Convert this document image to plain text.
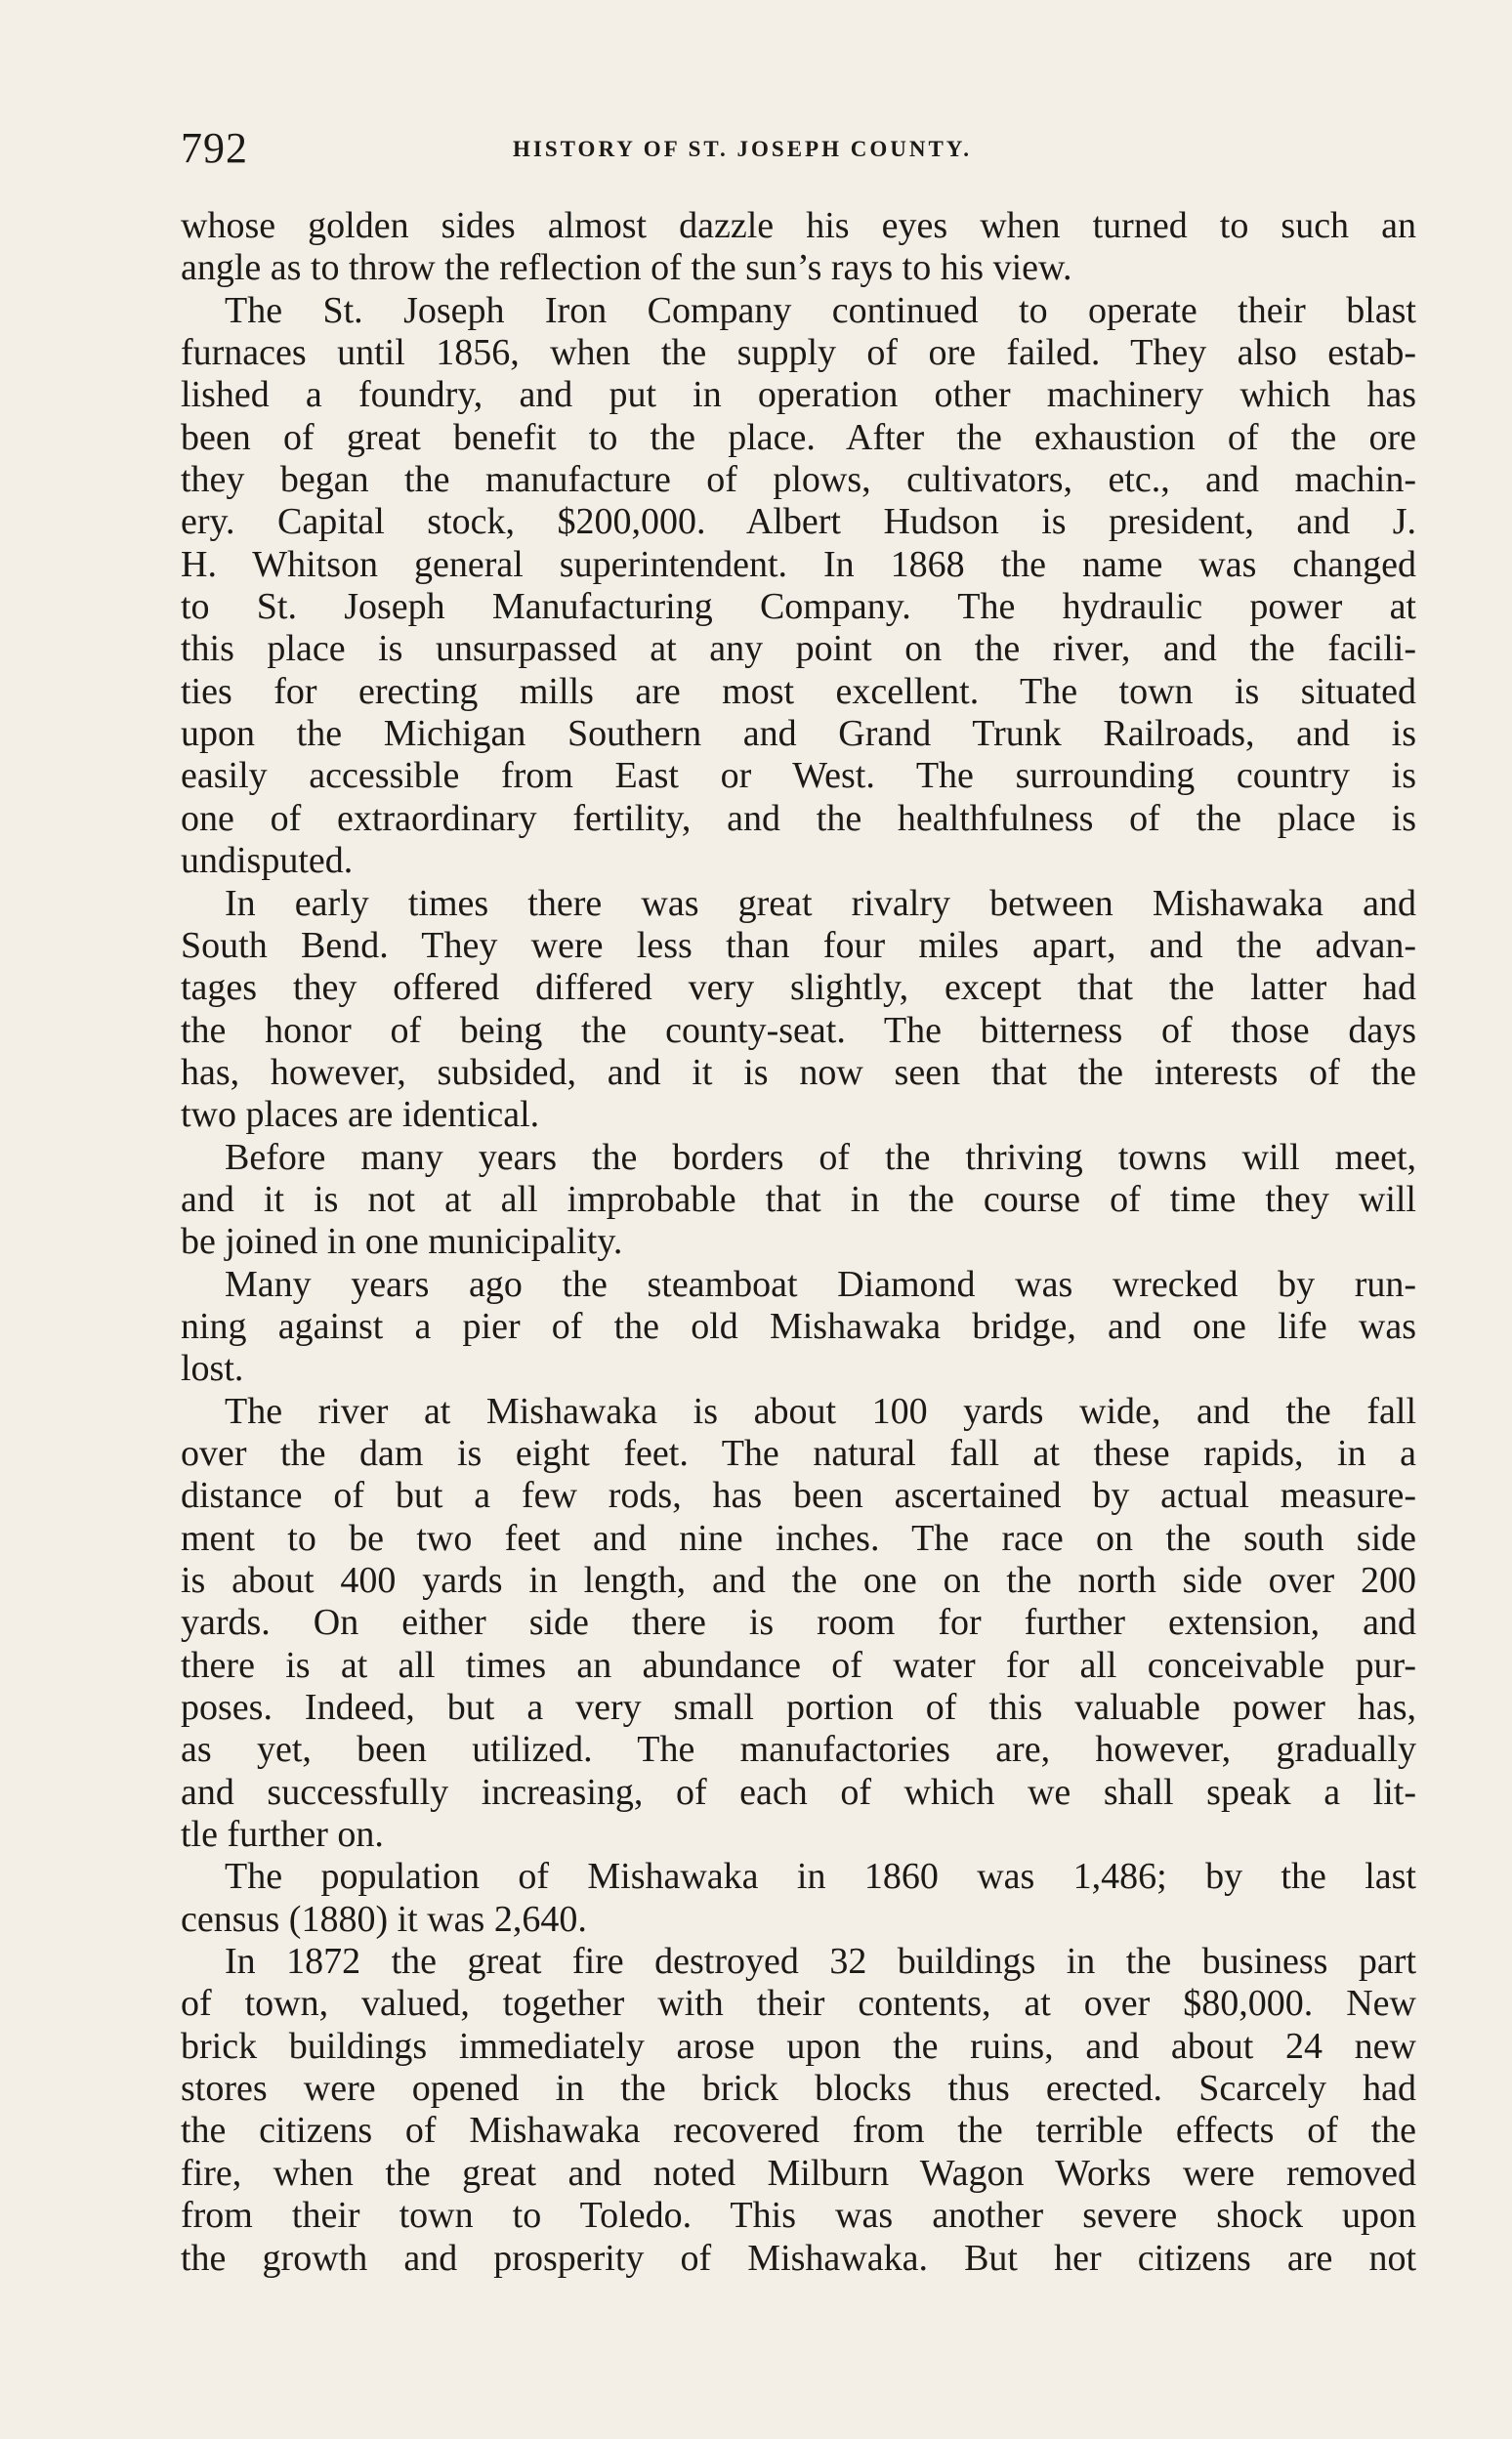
792	HISTORY OF ST. JOSEPH COUNTY.
whose golden sides almost dazzle his eyes when turned to such an
angle as to throw the reflection of the sun’s rays to his view.
The St. Joseph Iron Company continued to operate their blast
furnaces until 1856, when the supply of ore failed. They also estab-
lished a foundry, and put in operation other machinery which has
been of great benefit to the place. After the exhaustion of the ore
they began the manufacture of plows, cultivators, etc., and machin-
ery. Capital stock, $200,000. Albert Hudson is president, and J.
H. Whitson general superintendent. In 1868 the name was changed
to St. Joseph Manufacturing Company. The hydraulic power at
this place is unsurpassed at any point on the river, and the facili-
ties for erecting mills are most excellent. The town is situated
upon the Michigan Southern and Grand Trunk Railroads, and is
easily accessible from East or West. The surrounding country is
one of extraordinary fertility, and the healthfulness of the place is
undisputed.
In early times there was great rivalry between Mishawaka and
South Bend. They were less than four miles apart, and the advan-
tages they offered differed very slightly, except that the latter had
the honor of being the county-seat. The bitterness of those days
has, however, subsided, and it is now seen that the interests of the
two places are identical.
Before many years the borders of the thriving towns will meet,
and it is not at all improbable that in the course of time they will
be joined in one municipality.
Many years ago the steamboat Diamond was wrecked by run-
ning against a pier of the old Mishawaka bridge, and one life was
lost.
The river at Mishawaka is about 100 yards wide, and the fall
over the dam is eight feet. The natural fall at these rapids, in a
distance of but a few rods, has been ascertained by actual measure-
ment to be two feet and nine inches. The race on the south side
is about 400 yards in length, and the one on the north side over 200
yards. On either side there is room for further extension, and
there is at all times an abundance of water for all conceivable pur-
poses. Indeed, but a very small portion of this valuable power has,
as yet, been utilized. The manufactories are, however, gradually
and successfully increasing, of each of which we shall speak a lit-
tle further on.
The population of Mishawaka in 1860 was 1,486; by the last
census (1880) it was 2,640.
In 1872 the great fire destroyed 32 buildings in the business part
of town, valued, together with their contents, at over $80,000. New
brick buildings immediately arose upon the ruins, and about 24 new
stores were opened in the brick blocks thus erected. Scarcely had
the citizens of Mishawaka recovered from the terrible effects of the
fire, when the great and noted Milburn Wagon Works were removed
from their town to Toledo. This was another severe shock upon
the growth and prosperity of Mishawaka. But her citizens are not
